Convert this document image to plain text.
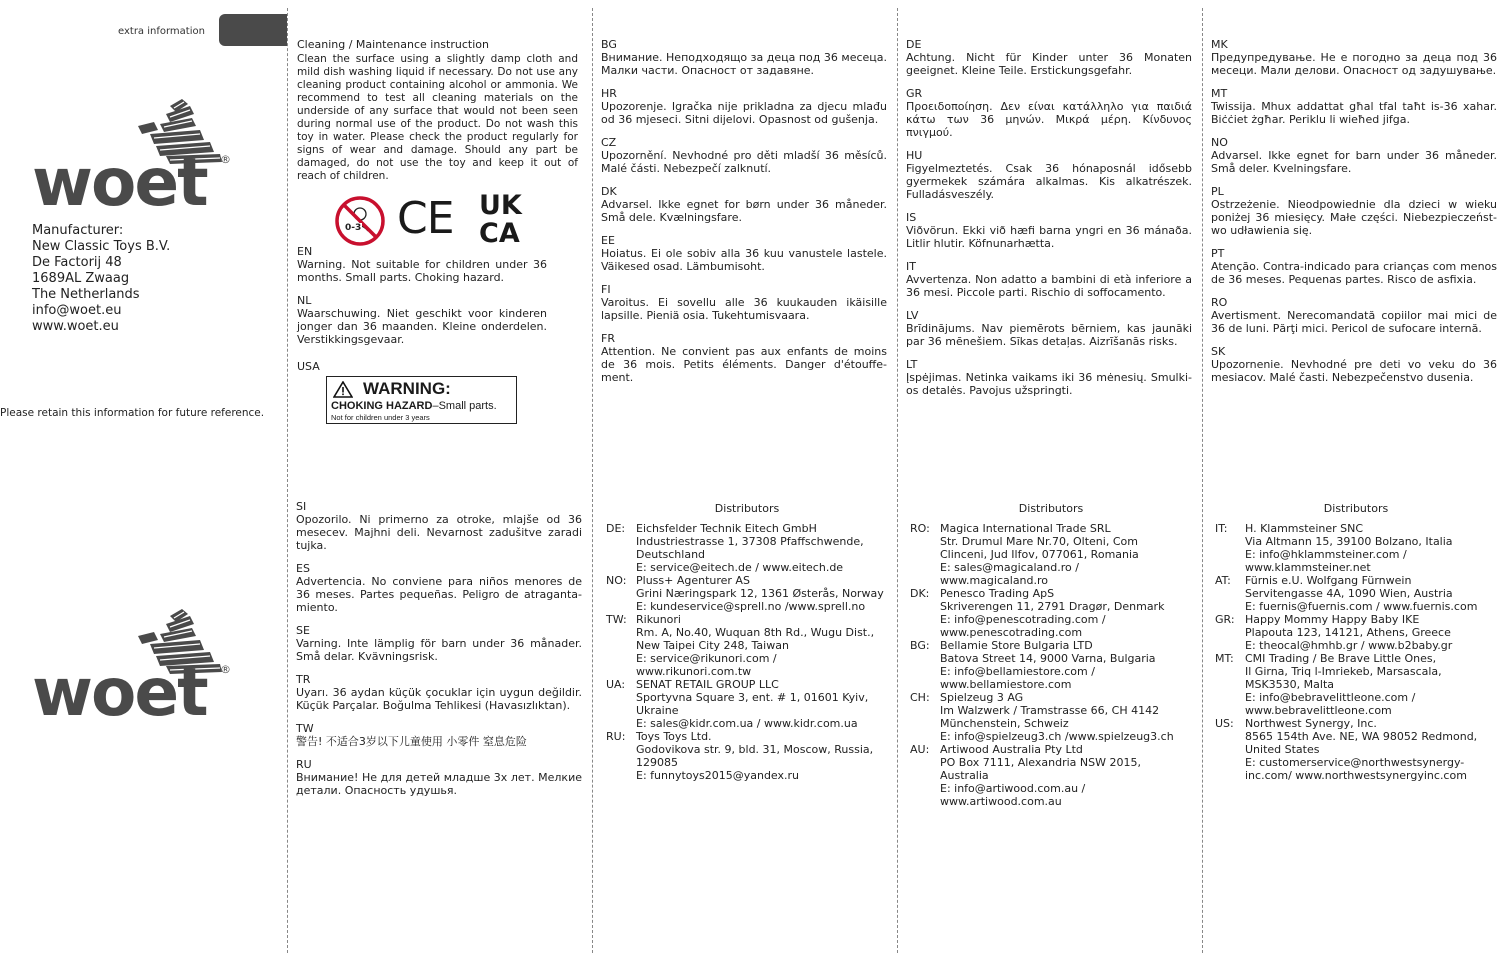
extra information
woet ®
Manufacturer:
New Classic Toys B.V.
De Factorij 48
1689AL Zwaag
The Netherlands
info@woet.eu
www.woet.eu
Please retain this information for future reference.
woet ®
Cleaning / Maintenance instruction
Clean the surface using a slightly damp cloth and mild dish washing liquid if necessary. Do not use any cleaning product containing alcohol or ammonia. We recommend to test all cleaning materials on the underside of any surface that would not been seen during normal use of the product. Do not wash this toy in water. Please check the product regularly for signs of wear and damage. Should any part be damaged, do not use the toy and keep it out of reach of children.
0-3 CE UK
CA
EN
Warning. Not suitable for children under 36 months. Small parts. Choking hazard.
NL
Waarschuwing. Niet geschikt voor kinderen jonger dan 36 maanden. Kleine onderdelen. Verstikkingsgevaar.
USA
WARNING:
CHOKING HAZARD–Small parts.
Not for children under 3 years
BG
Внимание. Неподходящо за деца под 36 месеца. Малки части. Опасност от задавяне.
HR
Upozorenje. Igračka nije prikladna za djecu mlađu od 36 mjeseci. Sitni dijelovi. Opasnost od gušenja.
CZ
Upozornění. Nevhodné pro děti mladší 36 měsíců. Malé části. Nebezpečí zalknutí.
DK
Advarsel. Ikke egnet for børn under 36 måneder. Små dele. Kvælningsfare.
EE
Hoiatus. Ei ole sobiv alla 36 kuu vanustele lastele. Väikesed osad. Lämbumisoht.
FI
Varoitus. Ei sovellu alle 36 kuukauden ikäisille lapsille. Pieniä osia. Tukehtumisvaara.
FR
Attention. Ne convient pas aux enfants de moins de 36 mois. Petits éléments. Danger d'étouffe-ment.
DE
Achtung. Nicht für Kinder unter 36 Monaten geeignet. Kleine Teile. Erstickungsgefahr.
GR
Προειδοποίηση. Δεν είναι κατάλληλο για παιδιά κάτω των 36 μηνών. Μικρά μέρη. Κίνδυνος πνιγμού.
HU
Figyelmeztetés. Csak 36 hónaposnál idősebb gyermekek számára alkalmas. Kis alkatrészek. Fulladásveszély.
IS
Viðvörun. Ekki við hæfi barna yngri en 36 mánaða. Litlir hlutir. Köfnunarhætta.
IT
Avvertenza. Non adatto a bambini di età inferiore a 36 mesi. Piccole parti. Rischio di soffocamento.
LV
Brīdinājums. Nav piemērots bērniem, kas jaunāki par 36 mēnešiem. Sīkas detaļas. Aizrīšanās risks.
LT
Įspėjimas. Netinka vaikams iki 36 mėnesių. Smulki-os detalės. Pavojus užspringti.
MK
Предупредување. Не е погодно за деца под 36 месеци. Мали делови. Опасност од задушување.
MT
Twissija. Mhux addattat għal tfal taħt is-36 xahar. Biċċiet żgħar. Periklu li wieħed jifga.
NO
Advarsel. Ikke egnet for barn under 36 måneder. Små deler. Kvelningsfare.
PL
Ostrzeżenie. Nieodpowiednie dla dzieci w wieku poniżej 36 miesięcy. Małe części. Niebezpieczeńst-wo udławienia się.
PT
Atenção. Contra-indicado para crianças com menos de 36 meses. Pequenas partes. Risco de asfixia.
RO
Avertisment. Nerecomandată copiilor mai mici de 36 de luni. Părţi mici. Pericol de sufocare internă.
SK
Upozornenie. Nevhodné pre deti vo veku do 36 mesiacov. Malé časti. Nebezpečenstvo dusenia.
SI
Opozorilo. Ni primerno za otroke, mlajše od 36 mesecev. Majhni deli. Nevarnost zadušitve zaradi tujka.
ES
Advertencia. No conviene para niños menores de 36 meses. Partes pequeñas. Peligro de atraganta-miento.
SE
Varning. Inte lämplig för barn under 36 månader. Små delar. Kvävningsrisk.
TR
Uyarı. 36 aydan küçük çocuklar için uygun değildir. Küçük Parçalar. Boğulma Tehlikesi (Havasızlıktan).
TW
警告! 不适合3岁以下儿童使用 小零件 窒息危险
RU
Внимание! Не для детей младше 3х лет. Мелкие детали. Опасность удушья.
Distributors
DE: Eichsfelder Technik Eitech GmbH
Industriestrasse 1, 37308 Pfaffschwende,
Deutschland
E: service@eitech.de / www.eitech.de
NO: Pluss+ Agenturer AS
Grini Næringspark 12, 1361 Østerås, Norway
E: kundeservice@sprell.no /www.sprell.no
TW: Rikunori
Rm. A, No.40, Wuquan 8th Rd., Wugu Dist.,
New Taipei City 248, Taiwan
E: service@rikunori.com /
www.rikunori.com.tw
UA: SENAT RETAIL GROUP LLC
Sportyvna Square 3, ent. # 1, 01601 Kyiv,
Ukraine
E: sales@kidr.com.ua / www.kidr.com.ua
RU: Toys Toys Ltd.
Godovikova str. 9, bld. 31, Moscow, Russia,
129085
E: funnytoys2015@yandex.ru
Distributors
RO: Magica International Trade SRL
Str. Drumul Mare Nr.70, Olteni, Com
Clinceni, Jud Ilfov, 077061, Romania
E: sales@magicaland.ro /
www.magicaland.ro
DK: Penesco Trading ApS
Skriverengen 11, 2791 Dragør, Denmark
E: info@penescotrading.com /
www.penescotrading.com
BG: Bellamie Store Bulgaria LTD
Batova Street 14, 9000 Varna, Bulgaria
E: info@bellamiestore.com /
www.bellamiestore.com
CH: Spielzeug 3 AG
Im Walzwerk / Tramstrasse 66, CH 4142
Münchenstein, Schweiz
E: info@spielzeug3.ch /www.spielzeug3.ch
AU: Artiwood Australia Pty Ltd
PO Box 7111, Alexandria NSW 2015,
Australia
E: info@artiwood.com.au /
www.artiwood.com.au
Distributors
IT:	H. Klammsteiner SNC
Via Altmann 15, 39100 Bolzano, Italia
E: info@hklammsteiner.com /
www.klammsteiner.net
AT:	Fürnis e.U. Wolfgang Fürnwein
Servitengasse 4A, 1090 Wien, Austria
E: fuernis@fuernis.com / www.fuernis.com
GR: Happy Mommy Happy Baby IKE
Plapouta 123, 14121, Athens, Greece
E: theocal@hmhb.gr / www.b2baby.gr
MT:	CMI Trading / Be Brave Little Ones,
Il Girna, Triq l-Imriekeb, Marsascala,
MSK3530, Malta
E: info@bebravelittleone.com /
www.bebravelittleone.com
US:	Northwest Synergy, Inc.
8565 154th Ave. NE, WA 98052 Redmond,
United States
E: customerservice@northwestsynergy-
inc.com/ www.northwestsynergyinc.com
